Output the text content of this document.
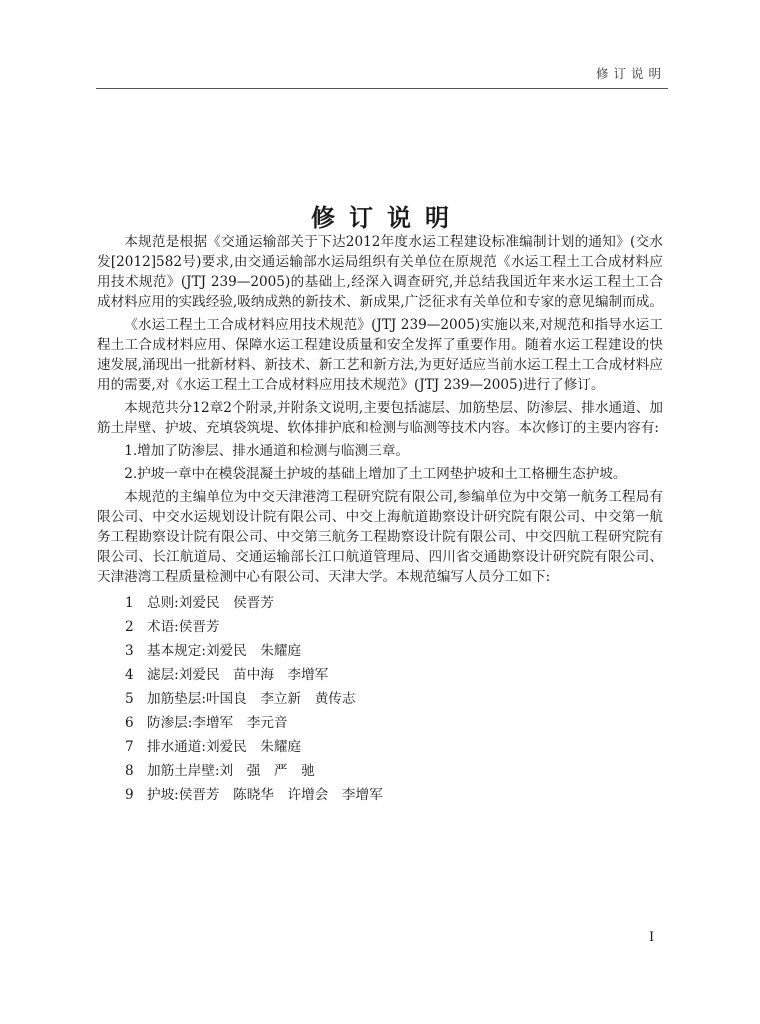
修订说明
修订说明

本规范是根据《交通运输部关于下达2012年度水运工程建设标准编制计划的通知》(交水发[2012]582号)要求,由交通运输部水运局组织有关单位在原规范《水运工程土工合成材料应用技术规范》(JTJ 239—2005)的基础上,经深入调查研究,并总结我国近年来水运工程土工合成材料应用的实践经验,吸纳成熟的新技术、新成果,广泛征求有关单位和专家的意见编制而成。

《水运工程土工合成材料应用技术规范》(JTJ 239—2005)实施以来,对规范和指导水运工程土工合成材料应用、保障水运工程建设质量和安全发挥了重要作用。随着水运工程建设的快速发展,涌现出一批新材料、新技术、新工艺和新方法,为更好适应当前水运工程土工合成材料应用的需要,对《水运工程土工合成材料应用技术规范》(JTJ 239—2005)进行了修订。

本规范共分12章2个附录,并附条文说明,主要包括滤层、加筋垫层、防渗层、排水通道、加筋土岸壁、护坡、充填袋筑堤、软体排护底和检测与临测等技术内容。本次修订的主要内容有:

1.增加了防渗层、排水通道和检测与临测三章。

2.护坡一章中在模袋混凝土护坡的基础上增加了土工网垫护坡和土工格栅生态护坡。

本规范的主编单位为中交天津港湾工程研究院有限公司,参编单位为中交第一航务工程局有限公司、中交水运规划设计院有限公司、中交上海航道勘察设计研究院有限公司、中交第一航务工程勘察设计院有限公司、中交第三航务工程勘察设计院有限公司、中交四航工程研究院有限公司、长江航道局、交通运输部长江口航道管理局、四川省交通勘察设计研究院有限公司、天津港湾工程质量检测中心有限公司、天津大学。本规范编写人员分工如下:

1 总则:刘爱民　侯晋芳
2 术语:侯晋芳
3 基本规定:刘爱民　朱耀庭
4 滤层:刘爱民　苗中海　李增军
5 加筋垫层:叶国良　李立新　黄传志
6 防渗层:李增军　李元音
7 排水通道:刘爱民　朱耀庭
8 加筋土岸壁:刘　强　严　驰
9 护坡:侯晋芳　陈晓华　许增会　李增军
I
